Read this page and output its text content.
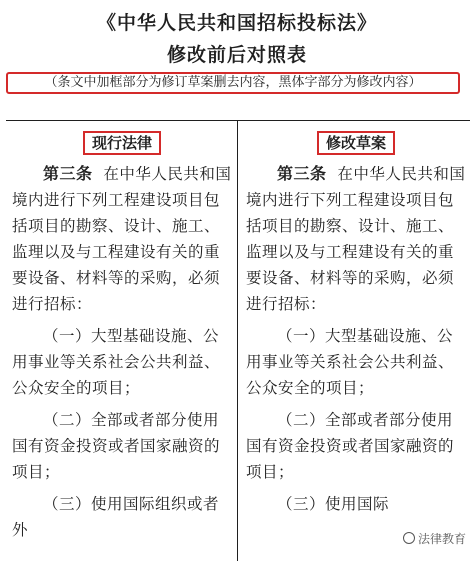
《中华人民共和国招标投标法》
修改前后对照表
（条文中加框部分为修订草案删去内容，黑体字部分为修改内容）
现行法律

第三条 在中华人民共和国境内进行下列工程建设项目包括项目的勘察、设计、施工、监理以及与工程建设有关的重要设备、材料等的采购，必须进行招标：

（一）大型基础设施、公用事业等关系社会公共利益、公众安全的项目；

（二）全部或者部分使用国有资金投资或者国家融资的项目；

（三）使用国际组织或者外

修改草案

第三条 在中华人民共和国境内进行下列工程建设项目包括项目的勘察、设计、施工、监理以及与工程建设有关的重要设备、材料等的采购，必须进行招标：

（一）大型基础设施、公用事业等关系社会公共利益、公众安全的项目；

（二）全部或者部分使用国有资金投资或者国家融资的项目；

（三）使用国际

法律教育
